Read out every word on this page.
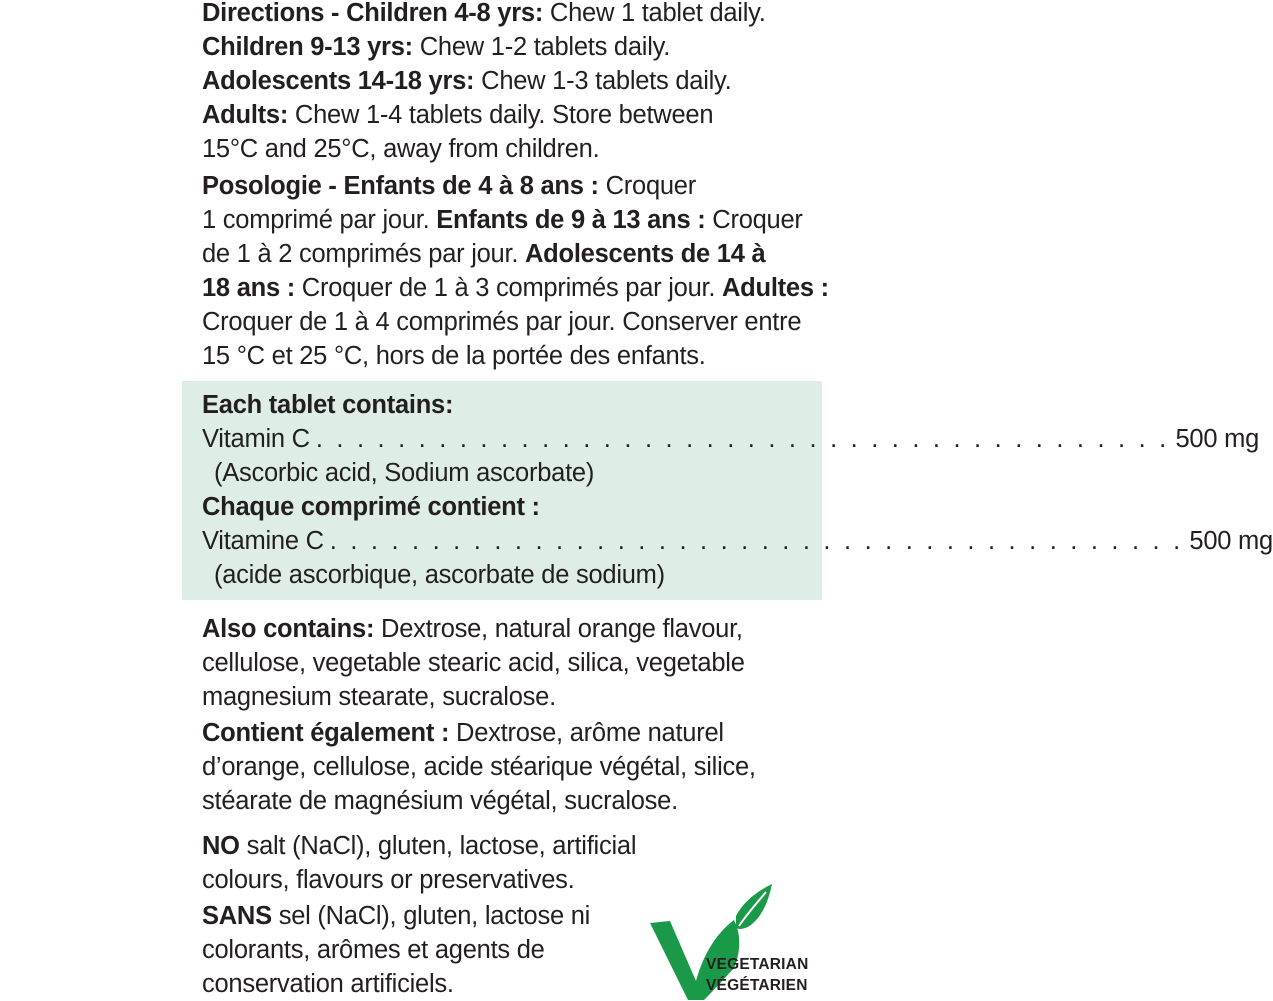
Directions - Children 4-8 yrs: Chew 1 tablet daily.
Children 9-13 yrs: Chew 1-2 tablets daily.
Adolescents 14-18 yrs: Chew 1-3 tablets daily.
Adults: Chew 1-4 tablets daily. Store between
15°C and 25°C, away from children.
Posologie - Enfants de 4 à 8 ans : Croquer
1 comprimé par jour. Enfants de 9 à 13 ans : Croquer
de 1 à 2 comprimés par jour. Adolescents de 14 à
18 ans : Croquer de 1 à 3 comprimés par jour. Adultes :
Croquer de 1 à 4 comprimés par jour. Conserver entre
15 °C et 25 °C, hors de la portée des enfants.
Each tablet contains:
Vitamin C . . . . . . . . . . . . . . . . . . . . . . . . . . . . . . . . . . . . . . . . . . 500 mg
(Ascorbic acid, Sodium ascorbate)
Chaque comprimé contient :
Vitamine C . . . . . . . . . . . . . . . . . . . . . . . . . . . . . . . . . . . . . . . . . . 500 mg
(acide ascorbique, ascorbate de sodium)
Also contains: Dextrose, natural orange flavour,
cellulose, vegetable stearic acid, silica, vegetable
magnesium stearate, sucralose.
Contient également : Dextrose, arôme naturel
d’orange, cellulose, acide stéarique végétal, silice,
stéarate de magnésium végétal, sucralose.
NO salt (NaCl), gluten, lactose, artificial
colours, flavours or preservatives.
SANS sel (NaCl), gluten, lactose ni
colorants, arômes et agents de
conservation artificiels.
VEGETARIAN
VÉGÉTARIEN
